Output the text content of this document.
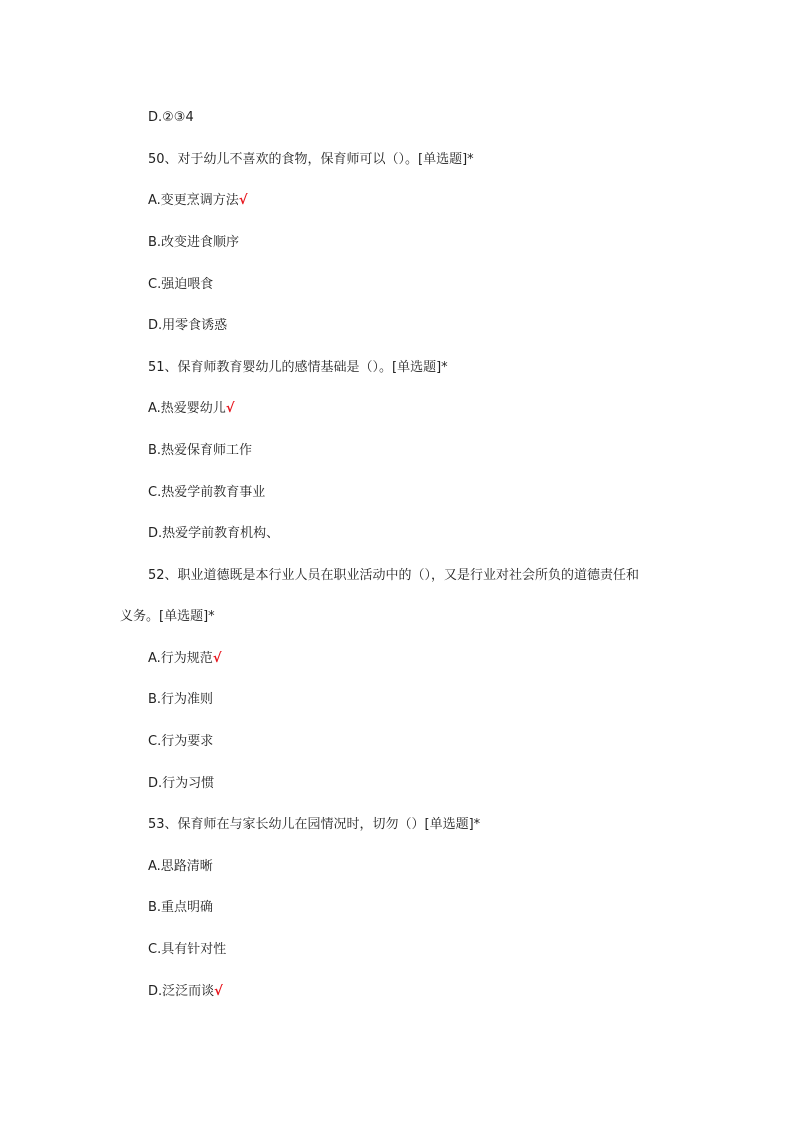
D.②③4
50、对于幼儿不喜欢的食物，保育师可以（）。[单选题]*
A.变更烹调方法√
B.改变进食顺序
C.强迫喂食
D.用零食诱惑
51、保育师教育婴幼儿的感情基础是（）。[单选题]*
A.热爱婴幼儿√
B.热爱保育师工作
C.热爱学前教育事业
D.热爱学前教育机构、
52、职业道德既是本行业人员在职业活动中的（），又是行业对社会所负的道德责任和
义务。[单选题]*
A.行为规范√
B.行为准则
C.行为要求
D.行为习惯
53、保育师在与家长幼儿在园情况时，切勿（）[单选题]*
A.思路清晰
B.重点明确
C.具有针对性
D.泛泛而谈√
